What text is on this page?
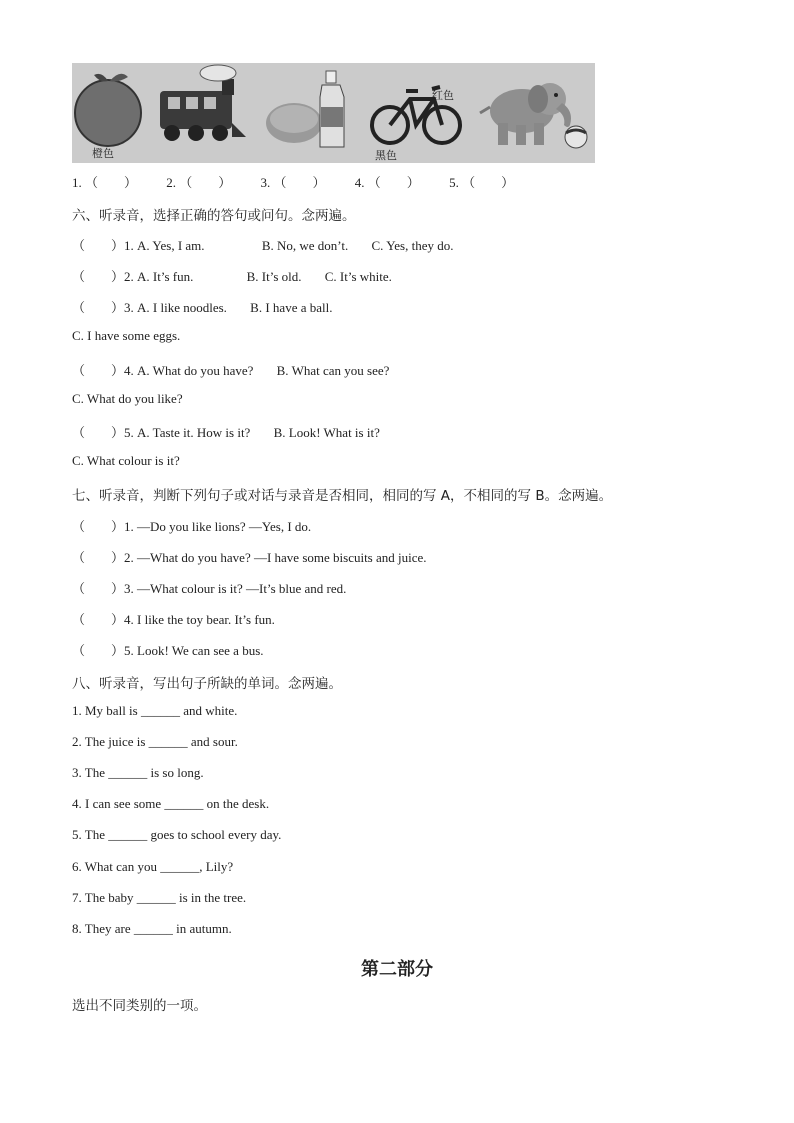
橙色
红色
黑色
1. （　　） 2. （　　） 3. （　　） 4. （　　） 5. （　　）
六、听录音，选择正确的答句或问句。念两遍。
（　　）1. A. Yes, I am.	B. No, we don’t. C. Yes, they do.
（　　）2. A. It’s fun.	B. It’s old. C. It’s white.
（　　）3. A. I like noodles. B. I have a ball.
C. I have some eggs.
（　　）4. A. What do you have? B. What can you see?
C. What do you like?
（　　）5. A. Taste it. How is it? B. Look! What is it?
C. What colour is it?
七、听录音，判断下列句子或对话与录音是否相同，相同的写 A，不相同的写 B。念两遍。
（　　）1. —Do you like lions? —Yes, I do.
（　　）2. —What do you have? —I have some biscuits and juice.
（　　）3. —What colour is it? —It’s blue and red.
（　　）4. I like the toy bear. It’s fun.
（　　）5. Look! We can see a bus.
八、听录音，写出句子所缺的单词。念两遍。
1. My ball is ______ and white.
2. The juice is ______ and sour.
3. The ______ is so long.
4. I can see some ______ on the desk.
5. The ______ goes to school every day.
6. What can you ______, Lily?
7. The baby ______ is in the tree.
8. They are ______ in autumn.
第二部分
选出不同类别的一项。
